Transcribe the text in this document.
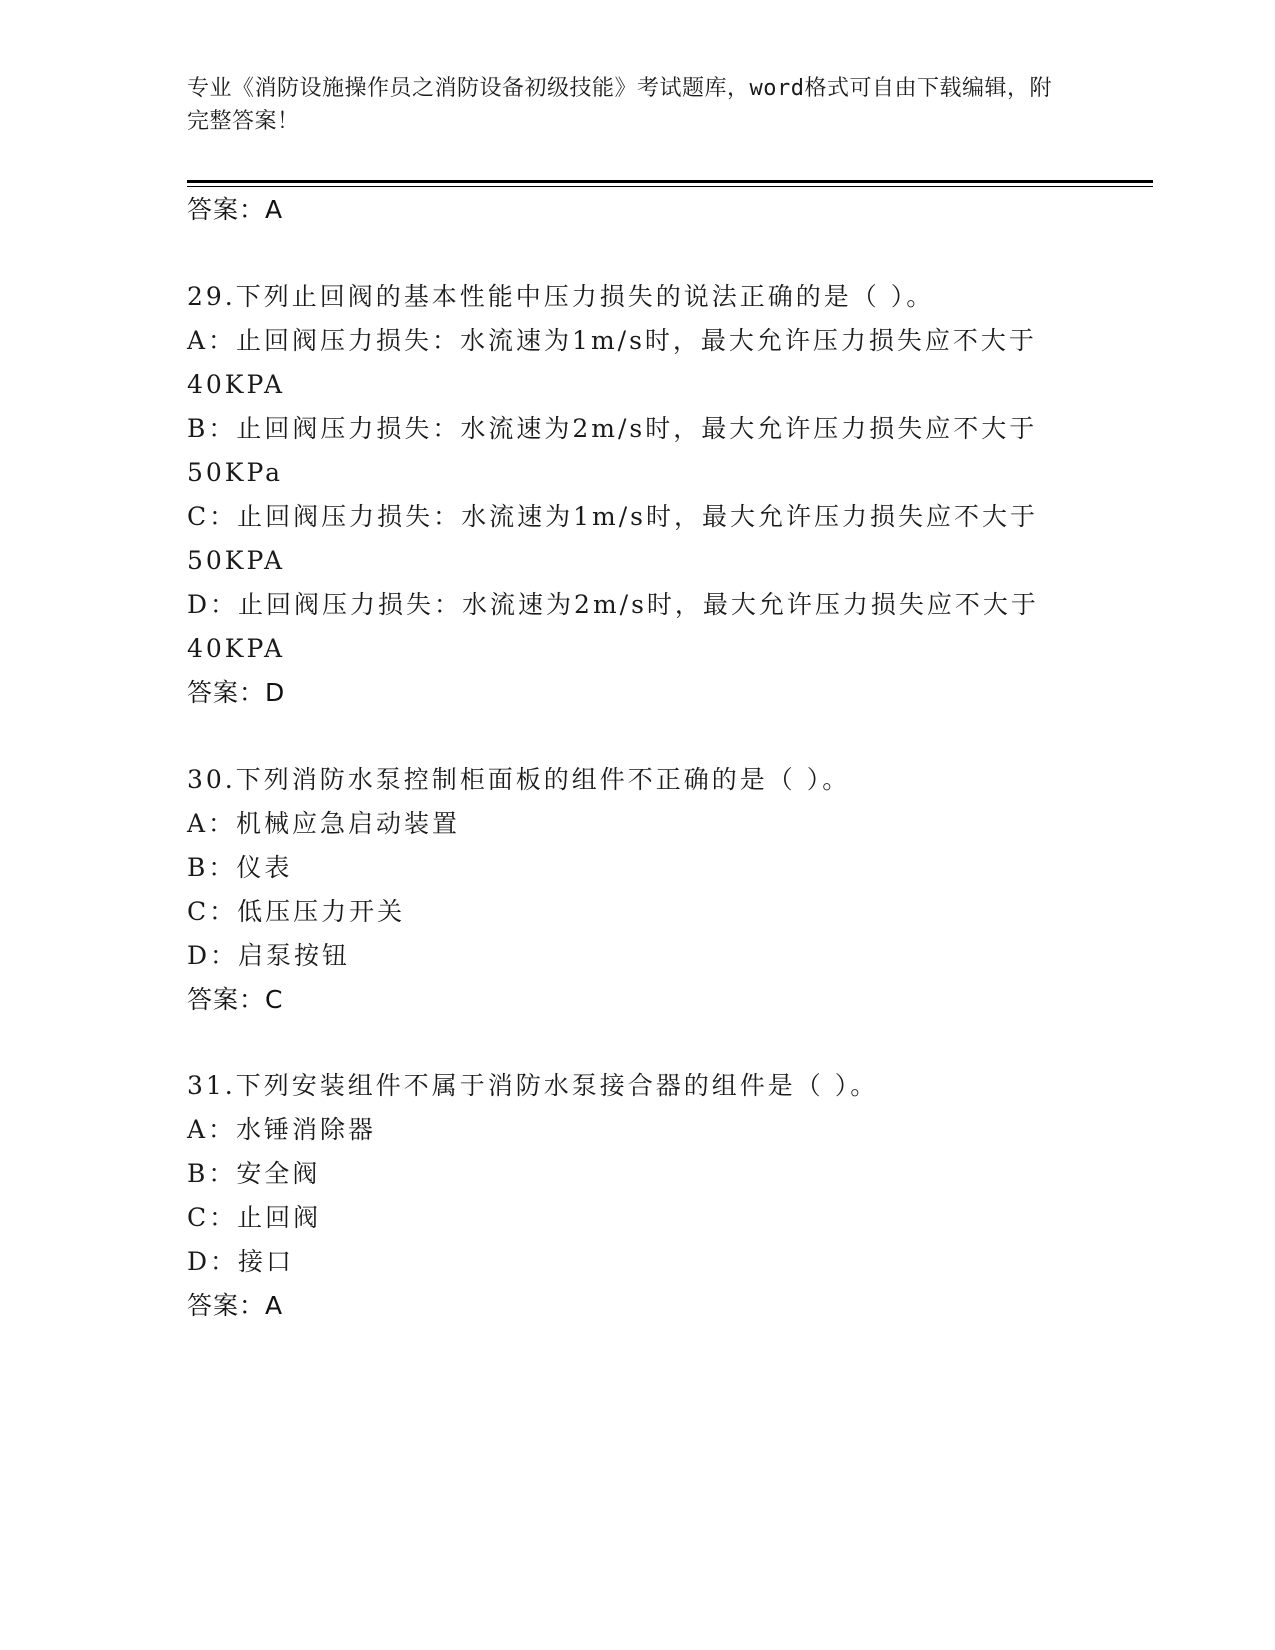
专业《消防设施操作员之消防设备初级技能》考试题库，word格式可自由下载编辑，附完整答案！
答案：A
29.下列止回阀的基本性能中压力损失的说法正确的是（ ）。
A：止回阀压力损失：水流速为1m/s时，最大允许压力损失应不大于
40KPA
B：止回阀压力损失：水流速为2m/s时，最大允许压力损失应不大于
50KPa
C：止回阀压力损失：水流速为1m/s时，最大允许压力损失应不大于
50KPA
D：止回阀压力损失：水流速为2m/s时，最大允许压力损失应不大于
40KPA
答案：D
30.下列消防水泵控制柜面板的组件不正确的是（ ）。
A：机械应急启动装置
B：仪表
C：低压压力开关
D：启泵按钮
答案：C
31.下列安装组件不属于消防水泵接合器的组件是（ ）。
A：水锤消除器
B：安全阀
C：止回阀
D：接口
答案：A
